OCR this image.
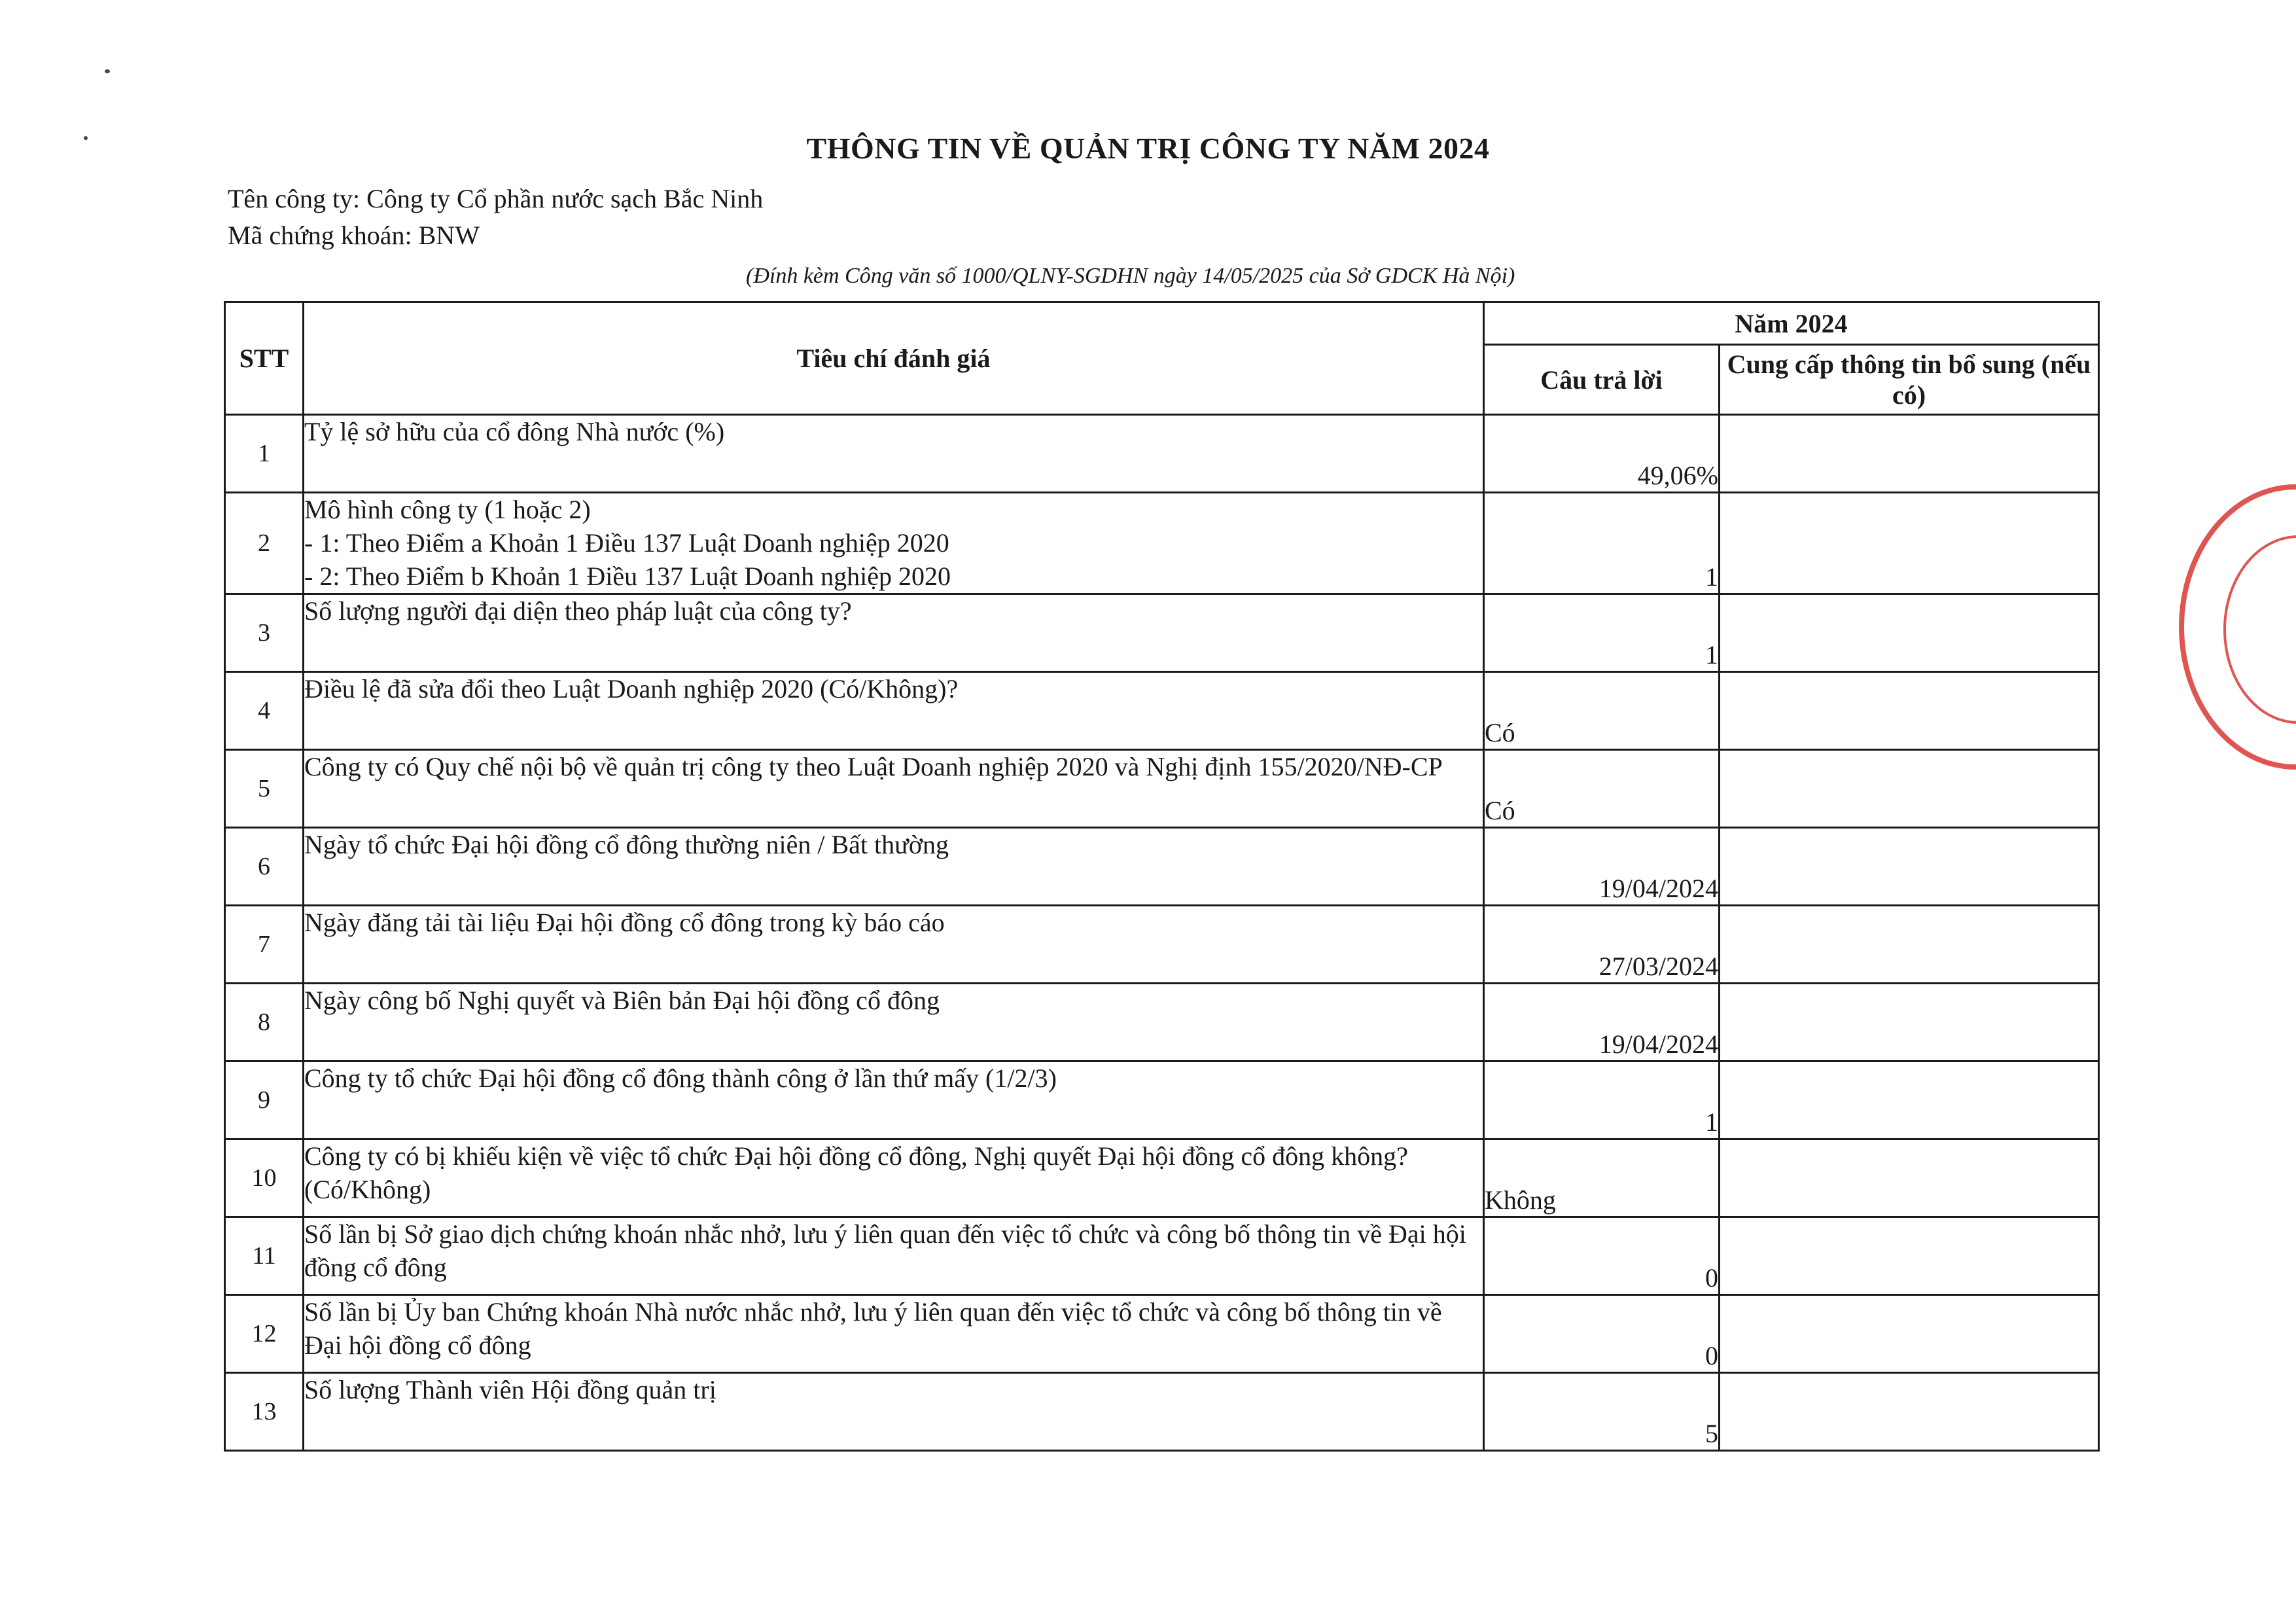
THÔNG TIN VỀ QUẢN TRỊ CÔNG TY NĂM 2024
Tên công ty: Công ty Cổ phần nước sạch Bắc Ninh
Mã chứng khoán: BNW
(Đính kèm Công văn số 1000/QLNY-SGDHN ngày 14/05/2025 của Sở GDCK Hà Nội)
STT	Tiêu chí đánh giá	Năm 2024	
		Câu trả lời	Cung cấp thông tin bổ sung (nếu có)
1	Tỷ lệ sở hữu của cổ đông Nhà nước (%)	49,06%	
2	Mô hình công ty (1 hoặc 2)
- 1: Theo Điểm a Khoản 1 Điều 137 Luật Doanh nghiệp 2020
- 2: Theo Điểm b Khoản 1 Điều 137 Luật Doanh nghiệp 2020	1	
3	Số lượng người đại diện theo pháp luật của công ty?	1	
4	Điều lệ đã sửa đổi theo Luật Doanh nghiệp 2020 (Có/Không)?	Có	
5	Công ty có Quy chế nội bộ về quản trị công ty theo Luật Doanh nghiệp 2020 và Nghị định 155/2020/NĐ-CP	Có	
6	Ngày tổ chức Đại hội đồng cổ đông thường niên / Bất thường	19/04/2024	
7	Ngày đăng tải tài liệu Đại hội đồng cổ đông trong kỳ báo cáo	27/03/2024	
8	Ngày công bố Nghị quyết và Biên bản Đại hội đồng cổ đông	19/04/2024	
9	Công ty tổ chức Đại hội đồng cổ đông thành công ở lần thứ mấy (1/2/3)	1	
10	Công ty có bị khiếu kiện về việc tổ chức Đại hội đồng cổ đông, Nghị quyết Đại hội đồng cổ đông không? (Có/Không)	Không	
11	Số lần bị Sở giao dịch chứng khoán nhắc nhở, lưu ý liên quan đến việc tổ chức và công bố thông tin về Đại hội đồng cổ đông	0	
12	Số lần bị Ủy ban Chứng khoán Nhà nước nhắc nhở, lưu ý liên quan đến việc tổ chức và công bố thông tin về Đại hội đồng cổ đông	0	
13	Số lượng Thành viên Hội đồng quản trị	5	
